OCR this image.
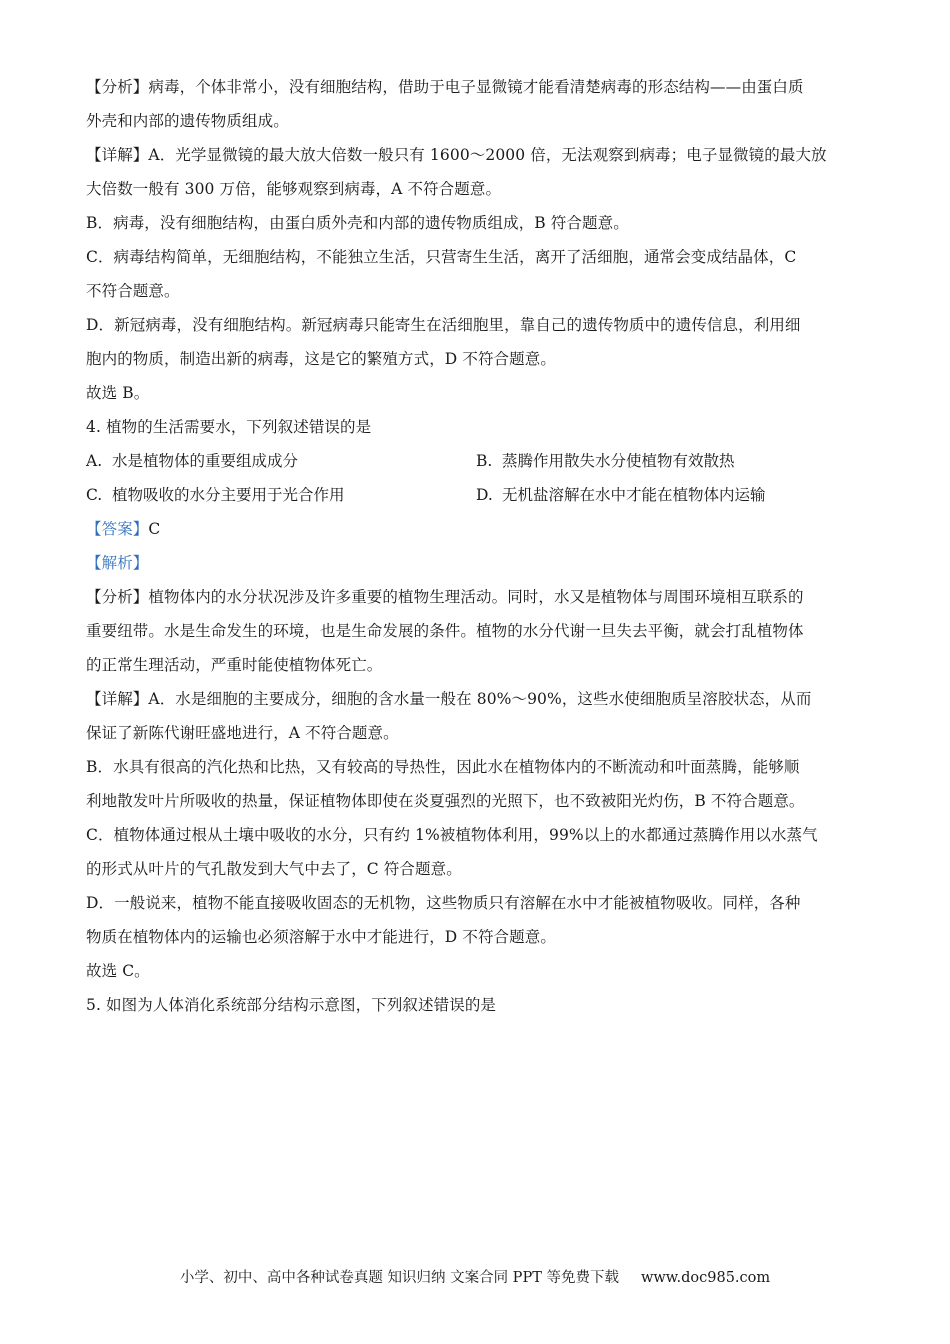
【分析】病毒，个体非常小，没有细胞结构，借助于电子显微镜才能看清楚病毒的形态结构——由蛋白质
外壳和内部的遗传物质组成。
【详解】A．光学显微镜的最大放大倍数一般只有 1600～2000 倍，无法观察到病毒；电子显微镜的最大放
大倍数一般有 300 万倍，能够观察到病毒，A 不符合题意。
B．病毒，没有细胞结构，由蛋白质外壳和内部的遗传物质组成，B 符合题意。
C．病毒结构简单，无细胞结构，不能独立生活，只营寄生生活，离开了活细胞，通常会变成结晶体，C
不符合题意。
D．新冠病毒，没有细胞结构。新冠病毒只能寄生在活细胞里，靠自己的遗传物质中的遗传信息，利用细
胞内的物质，制造出新的病毒，这是它的繁殖方式，D 不符合题意。
故选 B。
4. 植物的生活需要水，下列叙述错误的是
A. 水是植物体的重要组成成分	B. 蒸腾作用散失水分使植物有效散热
C. 植物吸收的水分主要用于光合作用	D. 无机盐溶解在水中才能在植物体内运输
【答案】C
【解析】
【分析】植物体内的水分状况涉及许多重要的植物生理活动。同时，水又是植物体与周围环境相互联系的
重要纽带。水是生命发生的环境，也是生命发展的条件。植物的水分代谢一旦失去平衡，就会打乱植物体
的正常生理活动，严重时能使植物体死亡。
【详解】A．水是细胞的主要成分，细胞的含水量一般在 80%～90%，这些水使细胞质呈溶胶状态，从而
保证了新陈代谢旺盛地进行，A 不符合题意。
B．水具有很高的汽化热和比热，又有较高的导热性，因此水在植物体内的不断流动和叶面蒸腾，能够顺
利地散发叶片所吸收的热量，保证植物体即使在炎夏强烈的光照下，也不致被阳光灼伤，B 不符合题意。
C．植物体通过根从土壤中吸收的水分，只有约 1%被植物体利用，99%以上的水都通过蒸腾作用以水蒸气
的形式从叶片的气孔散发到大气中去了，C 符合题意。
D．一般说来，植物不能直接吸收固态的无机物，这些物质只有溶解在水中才能被植物吸收。同样，各种
物质在植物体内的运输也必须溶解于水中才能进行，D 不符合题意。
故选 C。
5. 如图为人体消化系统部分结构示意图，下列叙述错误的是
小学、初中、高中各种试卷真题 知识归纳 文案合同 PPT 等免费下载 www.doc985.com
